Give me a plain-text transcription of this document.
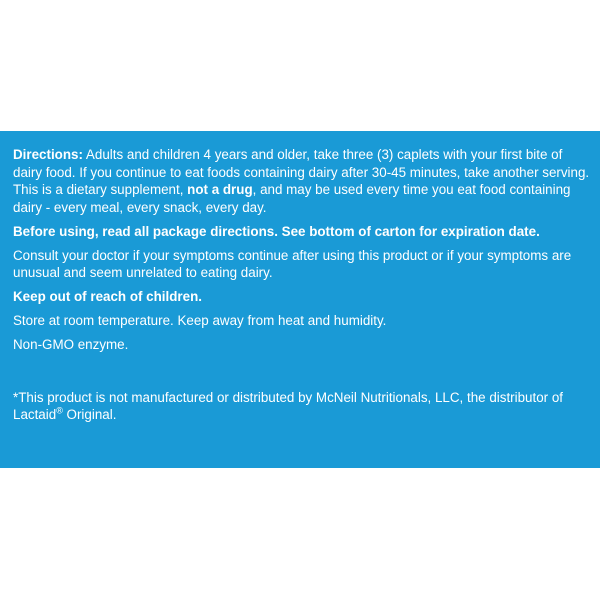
Directions: Adults and children 4 years and older, take three (3) caplets with your first bite of dairy food. If you continue to eat foods containing dairy after 30-45 minutes, take another serving. This is a dietary supplement, not a drug, and may be used every time you eat food containing dairy - every meal, every snack, every day.

Before using, read all package directions. See bottom of carton for expiration date.

Consult your doctor if your symptoms continue after using this product or if your symptoms are unusual and seem unrelated to eating dairy.

Keep out of reach of children.

Store at room temperature. Keep away from heat and humidity.

Non-GMO enzyme.

*This product is not manufactured or distributed by McNeil Nutritionals, LLC, the distributor of Lactaid® Original.
